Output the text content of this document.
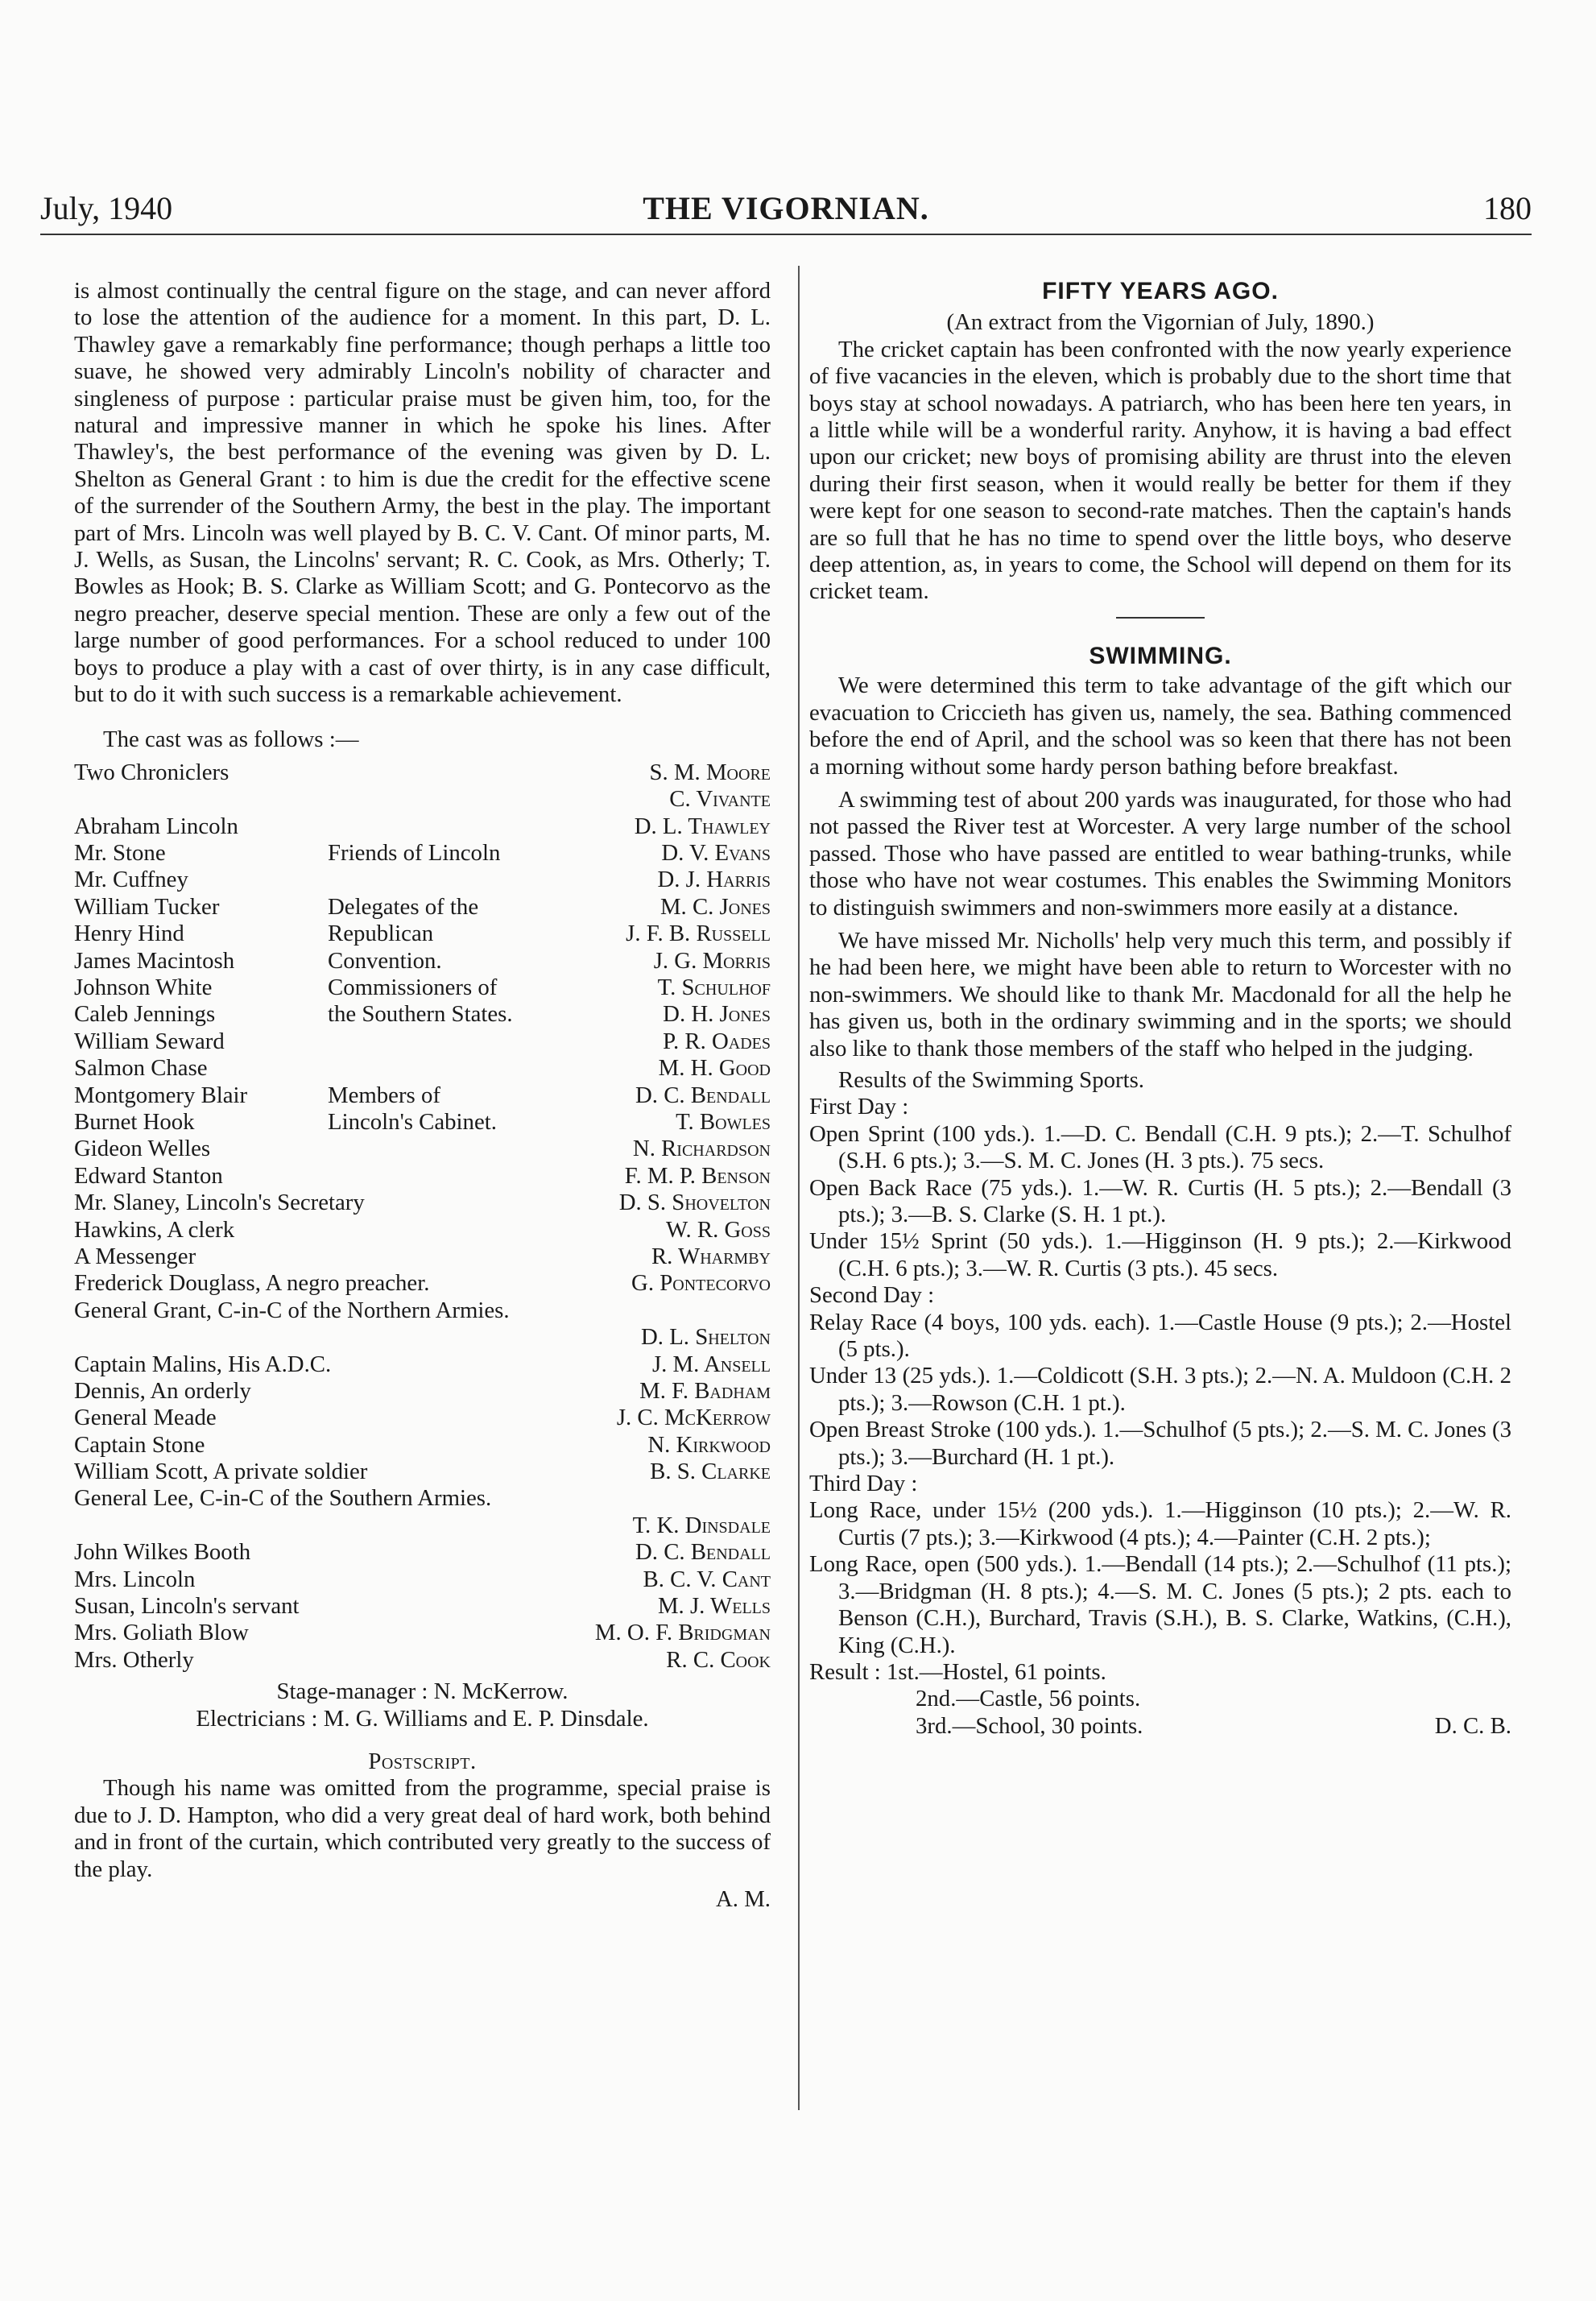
July, 1940	THE VIGORNIAN.	180

is almost continually the central figure on the stage, and can never afford to lose the attention of the audience for a moment. In this part, D. L. Thawley gave a remarkably fine performance; though perhaps a little too suave, he showed very admirably Lincoln's nobility of character and singleness of purpose : particular praise must be given him, too, for the natural and impressive manner in which he spoke his lines. After Thawley's, the best performance of the evening was given by D. L. Shelton as General Grant : to him is due the credit for the effective scene of the surrender of the Southern Army, the best in the play. The important part of Mrs. Lincoln was well played by B. C. V. Cant. Of minor parts, M. J. Wells, as Susan, the Lincolns' servant; R. C. Cook, as Mrs. Otherly; T. Bowles as Hook; B. S. Clarke as William Scott; and G. Pontecorvo as the negro preacher, deserve special mention. These are only a few out of the large number of good performances. For a school reduced to under 100 boys to produce a play with a cast of over thirty, is in any case difficult, but to do it with such success is a remarkable achievement.

The cast was as follows :—

Two Chroniclers	S. M. Moore
C. Vivante
Abraham Lincoln	D. L. Thawley
Mr. Stone	Friends of Lincoln	D. V. Evans
Mr. Cuffney	D. J. Harris
William Tucker	Delegates of the	M. C. Jones
Henry Hind	Republican	J. F. B. Russell
James Macintosh	Convention.	J. G. Morris
Johnson White	Commissioners of	T. Schulhof
Caleb Jennings	the Southern States.	D. H. Jones
William Seward	P. R. Oades
Salmon Chase	M. H. Good
Montgomery Blair	Members of	D. C. Bendall
Burnet Hook	Lincoln's Cabinet.	T. Bowles
Gideon Welles	N. Richardson
Edward Stanton	F. M. P. Benson
Mr. Slaney, Lincoln's Secretary	D. S. Shovelton
Hawkins, A clerk	W. R. Goss
A Messenger	R. Wharmby
Frederick Douglass, A negro preacher.	G. Pontecorvo
General Grant, C-in-C of the Northern Armies.
D. L. Shelton
Captain Malins, His A.D.C.	J. M. Ansell
Dennis, An orderly	M. F. Badham
General Meade	J. C. McKerrow
Captain Stone	N. Kirkwood
William Scott, A private soldier	B. S. Clarke
General Lee, C-in-C of the Southern Armies.
T. K. Dinsdale
John Wilkes Booth	D. C. Bendall
Mrs. Lincoln	B. C. V. Cant
Susan, Lincoln's servant	M. J. Wells
Mrs. Goliath Blow	M. O. F. Bridgman
Mrs. Otherly	R. C. Cook

Stage-manager : N. McKerrow.

Electricians : M. G. Williams and E. P. Dinsdale.

Postscript.

Though his name was omitted from the programme, special praise is due to J. D. Hampton, who did a very great deal of hard work, both behind and in front of the curtain, which contributed very greatly to the success of the play.

A. M.

FIFTY YEARS AGO.

(An extract from the Vigornian of July, 1890.)

The cricket captain has been confronted with the now yearly experience of five vacancies in the eleven, which is probably due to the short time that boys stay at school nowadays. A patriarch, who has been here ten years, in a little while will be a wonderful rarity. Anyhow, it is having a bad effect upon our cricket; new boys of promising ability are thrust into the eleven during their first season, when it would really be better for them if they were kept for one season to second-rate matches. Then the captain's hands are so full that he has no time to spend over the little boys, who deserve deep attention, as, in years to come, the School will depend on them for its cricket team.

SWIMMING.

We were determined this term to take advantage of the gift which our evacuation to Criccieth has given us, namely, the sea. Bathing commenced before the end of April, and the school was so keen that there has not been a morning without some hardy person bathing before breakfast.

A swimming test of about 200 yards was inaugurated, for those who had not passed the River test at Worcester. A very large number of the school passed. Those who have passed are entitled to wear bathing-trunks, while those who have not wear costumes. This enables the Swimming Monitors to distinguish swimmers and non-swimmers more easily at a distance.

We have missed Mr. Nicholls' help very much this term, and possibly if he had been here, we might have been able to return to Worcester with no non-swimmers. We should like to thank Mr. Macdonald for all the help he has given us, both in the ordinary swimming and in the sports; we should also like to thank those members of the staff who helped in the judging.

Results of the Swimming Sports.

First Day :

Open Sprint (100 yds.). 1.—D. C. Bendall (C.H. 9 pts.); 2.—T. Schulhof (S.H. 6 pts.); 3.—S. M. C. Jones (H. 3 pts.). 75 secs.

Open Back Race (75 yds.). 1.—W. R. Curtis (H. 5 pts.); 2.—Bendall (3 pts.); 3.—B. S. Clarke (S. H. 1 pt.).

Under 15½ Sprint (50 yds.). 1.—Higginson (H. 9 pts.); 2.—Kirkwood (C.H. 6 pts.); 3.—W. R. Curtis (3 pts.). 45 secs.

Second Day :

Relay Race (4 boys, 100 yds. each). 1.—Castle House (9 pts.); 2.—Hostel (5 pts.).

Under 13 (25 yds.). 1.—Coldicott (S.H. 3 pts.); 2.—N. A. Muldoon (C.H. 2 pts.); 3.—Rowson (C.H. 1 pt.).

Open Breast Stroke (100 yds.). 1.—Schulhof (5 pts.); 2.—S. M. C. Jones (3 pts.); 3.—Burchard (H. 1 pt.).

Third Day :

Long Race, under 15½ (200 yds.). 1.—Higginson (10 pts.); 2.—W. R. Curtis (7 pts.); 3.—Kirkwood (4 pts.); 4.—Painter (C.H. 2 pts.);

Long Race, open (500 yds.). 1.—Bendall (14 pts.); 2.—Schulhof (11 pts.); 3.—Bridgman (H. 8 pts.); 4.—S. M. C. Jones (5 pts.); 2 pts. each to Benson (C.H.), Burchard, Travis (S.H.), B. S. Clarke, Watkins, (C.H.), King (C.H.).

Result : 1st.—Hostel, 61 points.

2nd.—Castle, 56 points.

3rd.—School, 30 points.	D. C. B.
